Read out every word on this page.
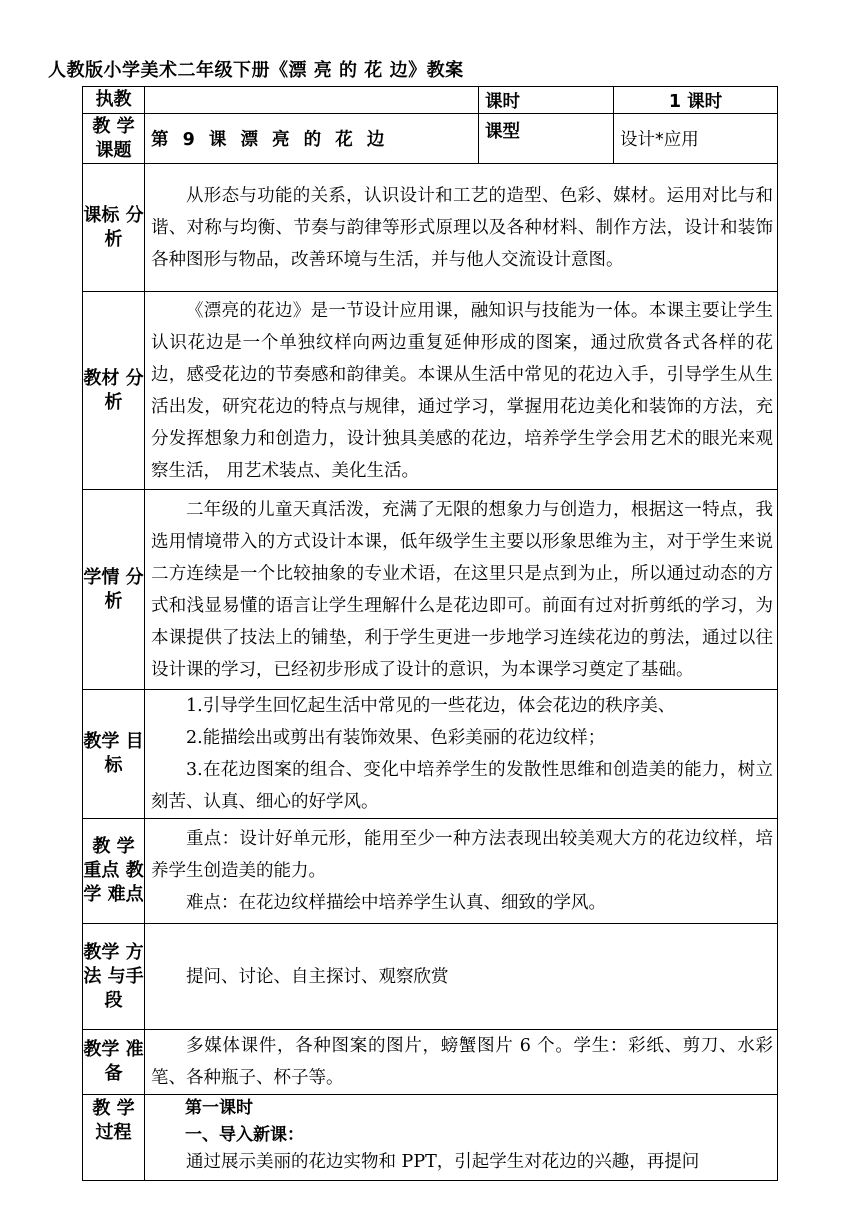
人教版小学美术二年级下册《漂 亮 的 花 边》教案
执教		课时	1 课时
教 学 课题	第 9 课 漂 亮 的 花 边	课型	设计*应用
课标 分析	从形态与功能的关系，认识设计和工艺的造型、色彩、媒材。运用对比与和谐、对称与均衡、节奏与韵律等形式原理以及各种材料、制作方法，设计和装饰各种图形与物品，改善环境与生活，并与他人交流设计意图。		

教材 分析	《漂亮的花边》是一节设计应用课，融知识与技能为一体。本课主要让学生认识花边是一个单独纹样向两边重复延伸形成的图案，通过欣赏各式各样的花边，感受花边的节奏感和韵律美。本课从生活中常见的花边入手，引导学生从生活出发，研究花边的特点与规律，通过学习，掌握用花边美化和装饰的方法，充分发挥想象力和创造力，设计独具美感的花边，培养学生学会用艺术的眼光来观察生活， 用艺术装点、美化生活。		

学情 分析	二年级的儿童天真活泼，充满了无限的想象力与创造力，根据这一特点，我选用情境带入的方式设计本课，低年级学生主要以形象思维为主，对于学生来说二方连续是一个比较抽象的专业术语，在这里只是点到为止，所以通过动态的方式和浅显易懂的语言让学生理解什么是花边即可。前面有过对折剪纸的学习，为本课提供了技法上的铺垫，利于学生更进一步地学习连续花边的剪法，通过以往设计课的学习，已经初步形成了设计的意识，为本课学习奠定了基础。		

教学 目标	1.引导学生回忆起生活中常见的一些花边，体会花边的秩序美、

2.能描绘出或剪出有装饰效果、色彩美丽的花边纹样；

3.在花边图案的组合、变化中培养学生的发散性思维和创造美的能力，树立刻苦、认真、细心的好学风。		

教 学 重点 教 学 难点	重点：设计好单元形，能用至少一种方法表现出较美观大方的花边纹样，培养学生创造美的能力。

难点：在花边纹样描绘中培养学生认真、细致的学风。		

教学 方法 与手 段	提问、讨论、自主探讨、观察欣赏		

教学 准备	多媒体课件，各种图案的图片，螃蟹图片 6 个。学生：彩纸、剪刀、水彩笔、各种瓶子、杯子等。		

教 学 过程	第一课时

一、导入新课：

通过展示美丽的花边实物和 PPT，引起学生对花边的兴趣，再提问		
